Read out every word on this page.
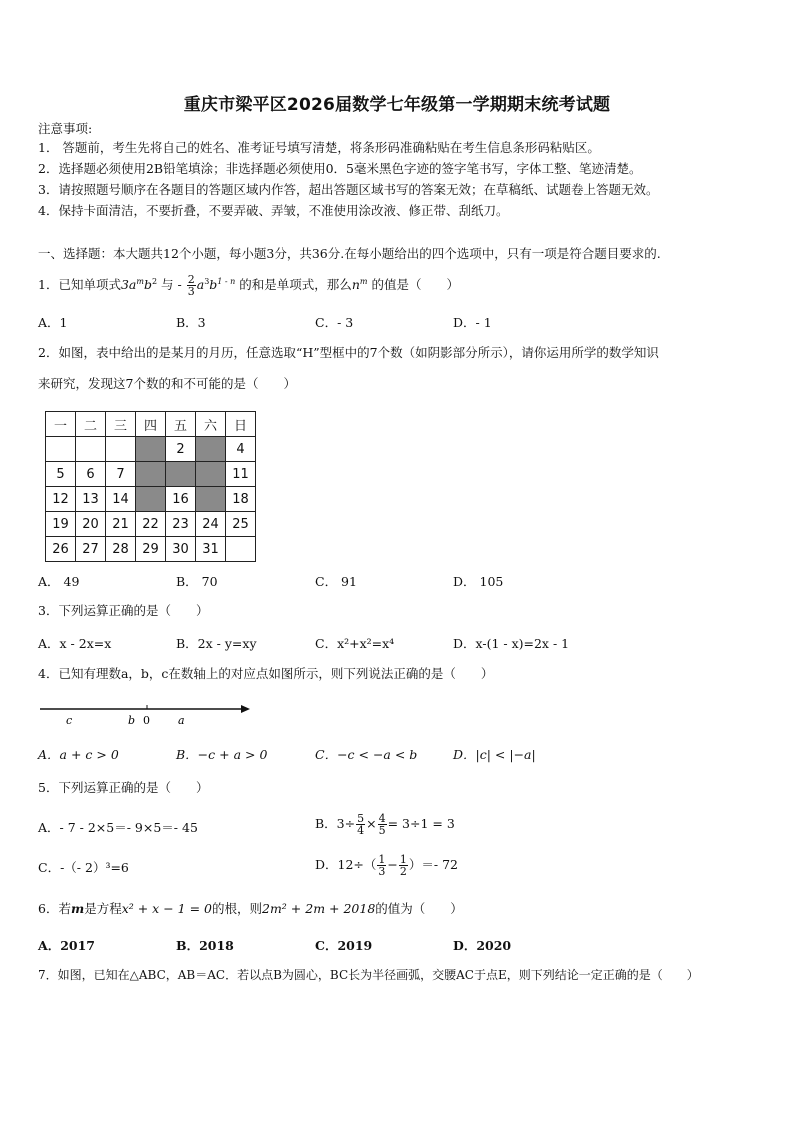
重庆市梁平区2026届数学七年级第一学期期末统考试题
注意事项:
1． 答题前，考生先将自己的姓名、准考证号填写清楚，将条形码准确粘贴在考生信息条形码粘贴区。
2．选择题必须使用2B铅笔填涂；非选择题必须使用0．5毫米黑色字迹的签字笔书写，字体工整、笔迹清楚。
3．请按照题号顺序在各题目的答题区域内作答，超出答题区域书写的答案无效；在草稿纸、试题卷上答题无效。
4．保持卡面清洁，不要折叠，不要弄破、弄皱，不准使用涂改液、修正带、刮纸刀。
一、选择题：本大题共12个小题，每小题3分，共36分.在每小题给出的四个选项中，只有一项是符合题目要求的.
1．已知单项式$3a^mb^2$ 与 - $\frac{2}{3} a^3b^{1 - n}$ 的和是单项式，那么$n^m$ 的值是（　　）
A．1	B．3	C．- 3	D．- 1
2．如图，表中给出的是某月的月历，任意选取“H”型框中的7个数（如阴影部分所示），请你运用所学的数学知识
来研究，发现这7个数的和不可能的是（　　）
一	二	三	四	五	六	日
				2		4
5	6	7				11
12	13	14		16		18
19	20	21	22	23	24	25
26	27	28	29	30	31	
A． 49	B． 70	C． 91	D． 105
3．下列运算正确的是（　　）
A．x - 2x=x	B．2x - y=xy	C．x²+x²=x⁴	D．x-(1 - x)=2x - 1
4．已知有理数a，b，c在数轴上的对应点如图所示，则下列说法正确的是（　　）
c	b 0	a
A．a + c > 0	B．−c + a > 0	C．−c < −a < b	D．|c| < |−a|
5．下列运算正确的是（　　）
A．- 7 - 2×5＝- 9×5＝- 45	B．$3\div \frac{5}{4} \times \frac{4}{5} = 3\div 1 = 3$
C．-（- 2）³=6	D．$12\div( \frac{1}{3} - \frac{1}{2}$ ）＝- 72
6．若m是方程x² + x − 1 = 0的根，则2m² + 2m + 2018的值为（　　）
A．2017	B．2018	C．2019	D．2020
7．如图，已知在△ABC，AB＝AC．若以点B为圆心，BC长为半径画弧，交腰AC于点E，则下列结论一定正确的是（　　）
